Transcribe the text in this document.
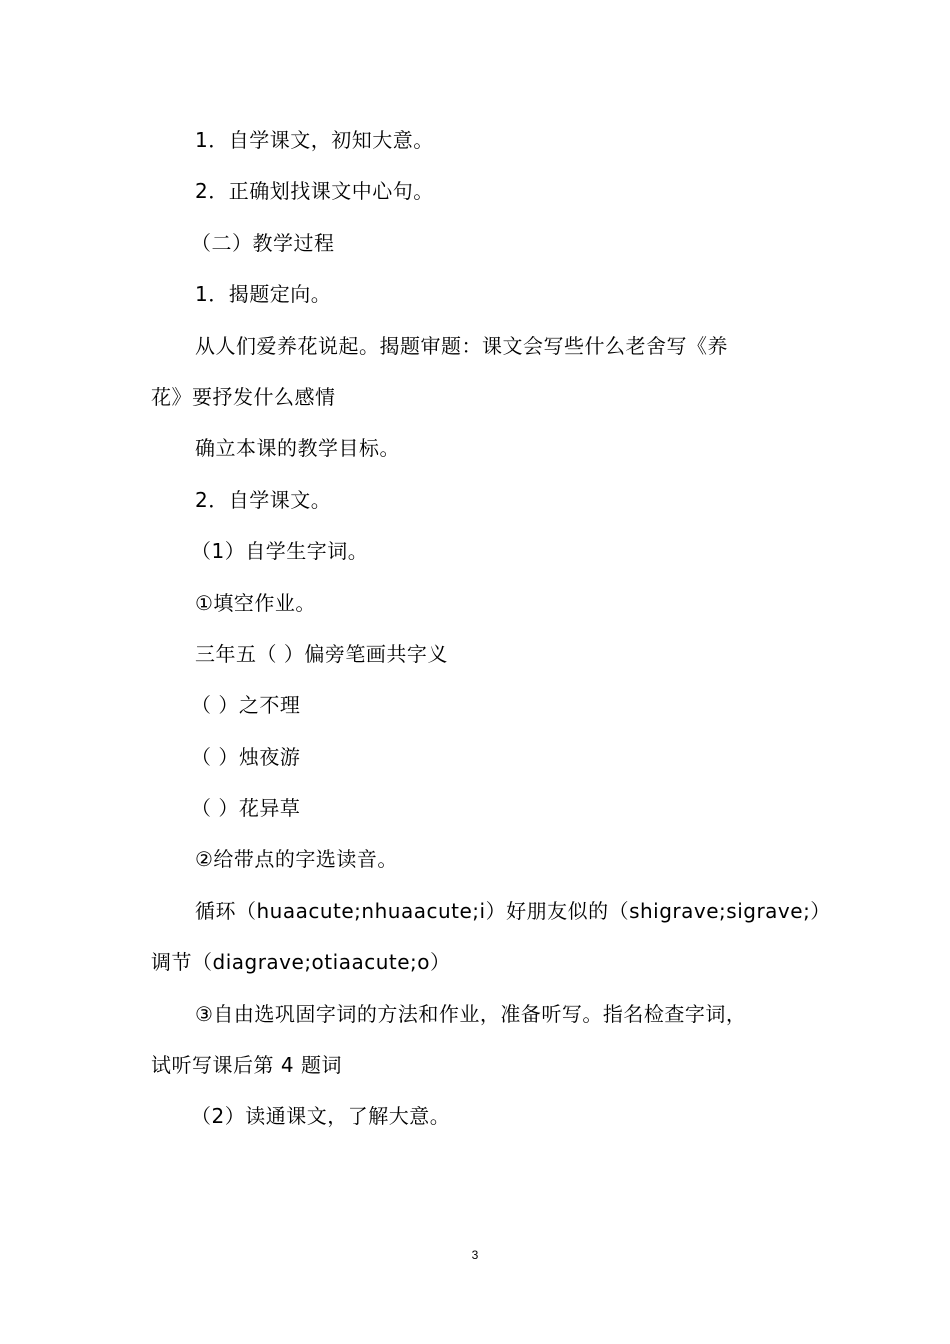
1．自学课文，初知大意。
2．正确划找课文中心句。
（二）教学过程
1．揭题定向。
从人们爱养花说起。揭题审题：课文会写些什么老舍写《养
花》要抒发什么感情
确立本课的教学目标。
2．自学课文。
（1）自学生字词。
①填空作业。
三年五（ ）偏旁笔画共字义
（ ）之不理
（ ）烛夜游
（ ）花异草
②给带点的字选读音。
循环（huaacute;nhuaacute;i）好朋友似的（shigrave;sigrave;）
调节（diagrave;otiaacute;o）
③自由选巩固字词的方法和作业，准备听写。指名检查字词，
试听写课后第 4 题词
（2）读通课文，了解大意。
3
